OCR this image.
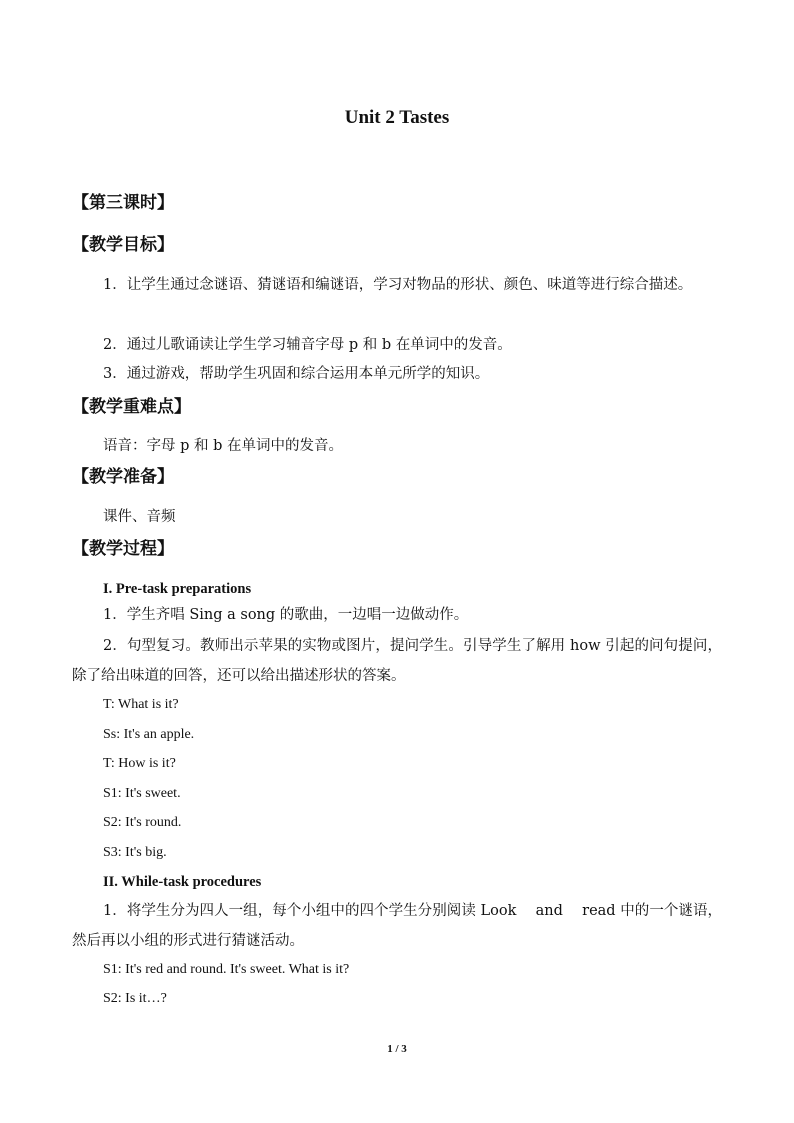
Unit 2 Tastes
【第三课时】
【教学目标】
1．让学生通过念谜语、猜谜语和编谜语，学习对物品的形状、颜色、味道等进行综合描述。
2．通过儿歌诵读让学生学习辅音字母 p 和 b 在单词中的发音。
3．通过游戏，帮助学生巩固和综合运用本单元所学的知识。
【教学重难点】
语音：字母 p 和 b 在单词中的发音。
【教学准备】
课件、音频
【教学过程】
I. Pre-task preparations
1．学生齐唱 Sing a song 的歌曲，一边唱一边做动作。
2．句型复习。教师出示苹果的实物或图片，提问学生。引导学生了解用 how 引起的问句提问，除了给出味道的回答，还可以给出描述形状的答案。
T: What is it?
Ss: It's an apple.
T: How is it?
S1: It's sweet.
S2: It's round.
S3: It's big.
II. While-task procedures
1．将学生分为四人一组，每个小组中的四个学生分别阅读 Look　 and　 read 中的一个谜语，然后再以小组的形式进行猜谜活动。
S1: It's red and round. It's sweet. What is it?
S2: Is it…?
1 / 3
